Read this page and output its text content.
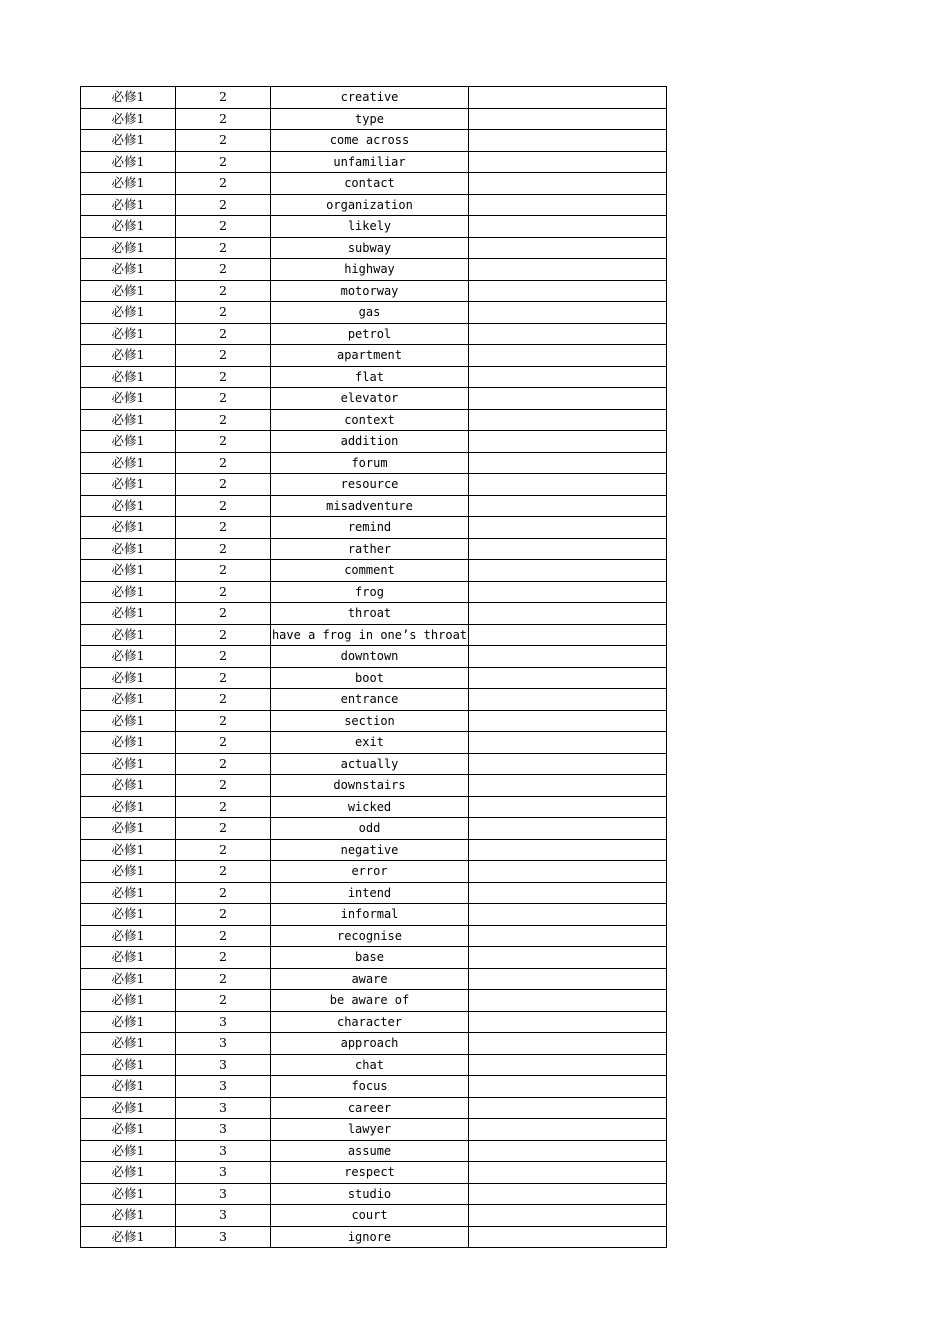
必修1	2	creative	
必修1	2	type	
必修1	2	come across	
必修1	2	unfamiliar	
必修1	2	contact	
必修1	2	organization	
必修1	2	likely	
必修1	2	subway	
必修1	2	highway	
必修1	2	motorway	
必修1	2	gas	
必修1	2	petrol	
必修1	2	apartment	
必修1	2	flat	
必修1	2	elevator	
必修1	2	context	
必修1	2	addition	
必修1	2	forum	
必修1	2	resource	
必修1	2	misadventure	
必修1	2	remind	
必修1	2	rather	
必修1	2	comment	
必修1	2	frog	
必修1	2	throat	
必修1	2	have a frog in one’s throat	
必修1	2	downtown	
必修1	2	boot	
必修1	2	entrance	
必修1	2	section	
必修1	2	exit	
必修1	2	actually	
必修1	2	downstairs	
必修1	2	wicked	
必修1	2	odd	
必修1	2	negative	
必修1	2	error	
必修1	2	intend	
必修1	2	informal	
必修1	2	recognise	
必修1	2	base	
必修1	2	aware	
必修1	2	be aware of	
必修1	3	character	
必修1	3	approach	
必修1	3	chat	
必修1	3	focus	
必修1	3	career	
必修1	3	lawyer	
必修1	3	assume	
必修1	3	respect	
必修1	3	studio	
必修1	3	court	
必修1	3	ignore	
